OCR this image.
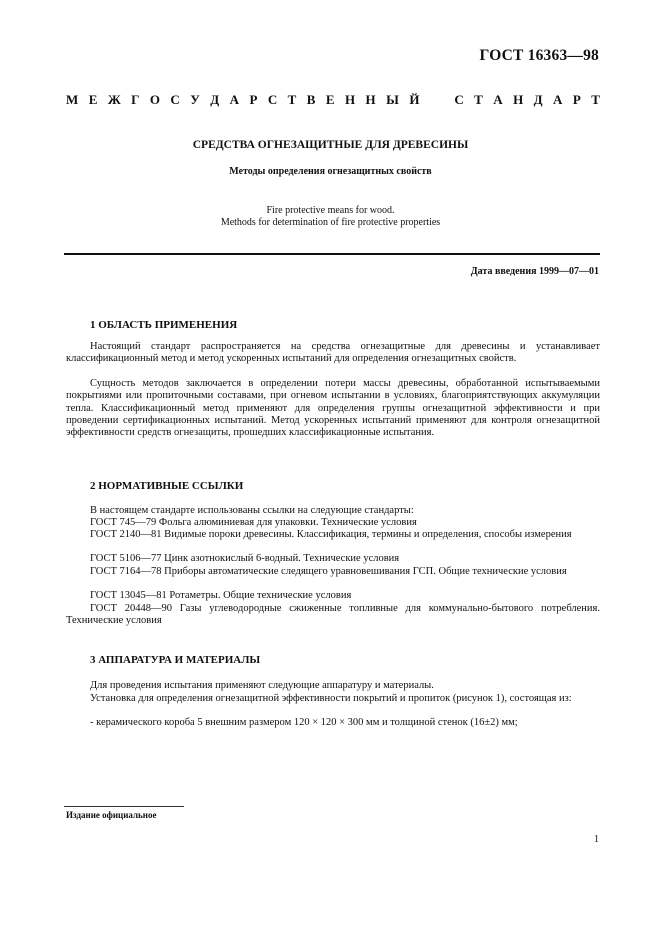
ГОСТ 16363—98
М Е Ж Г О С У Д А Р С Т В Е Н Н Ы Й	С Т А Н Д А Р Т
СРЕДСТВА ОГНЕЗАЩИТНЫЕ ДЛЯ ДРЕВЕСИНЫ
Методы определения огнезащитных свойств
Fire protective means for wood.
Methods for determination of fire protective properties
Дата введения 1999—07—01
1 ОБЛАСТЬ ПРИМЕНЕНИЯ
Настоящий стандарт распространяется на средства огнезащитные для древесины и устанавливает классификационный метод и метод ускоренных испытаний для определения огнезащитных свойств.
Сущность методов заключается в определении потери массы древесины, обработанной испытываемыми покрытиями или пропиточными составами, при огневом испытании в условиях, благоприятствующих аккумуляции тепла. Классификационный метод применяют для определения группы огнезащитной эффективности и при проведении сертификационных испытаний. Метод ускоренных испытаний применяют для контроля огнезащитной эффективности средств огнезащиты, прошедших классификационные испытания.
2 НОРМАТИВНЫЕ ССЫЛКИ
В настоящем стандарте использованы ссылки на следующие стандарты:
ГОСТ 745—79 Фольга алюминиевая для упаковки. Технические условия
ГОСТ 2140—81 Видимые пороки древесины. Классификация, термины и определения, способы измерения
ГОСТ 5106—77 Цинк азотнокислый 6-водный. Технические условия
ГОСТ 7164—78 Приборы автоматические следящего уравновешивания ГСП. Общие технические условия
ГОСТ 13045—81 Ротаметры. Общие технические условия
ГОСТ 20448—90 Газы углеводородные сжиженные топливные для коммунально-бытового потребления. Технические условия
3 АППАРАТУРА И МАТЕРИАЛЫ
Для проведения испытания применяют следующие аппаратуру и материалы.
Установка для определения огнезащитной эффективности покрытий и пропиток (рисунок 1), состоящая из:
- керамического короба 5 внешним размером 120 × 120 × 300 мм и толщиной стенок (16±2) мм;
Издание официальное
1
